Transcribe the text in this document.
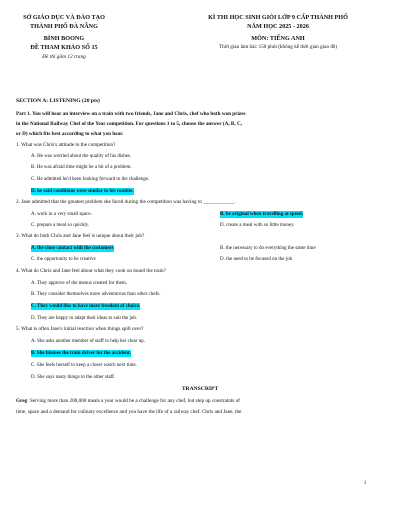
SỞ GIÁO DỤC VÀ ĐÀO TẠO
THÀNH PHỐ ĐÀ NẴNG
BÌNH BOONG
ĐỀ THAM KHẢO SỐ 15
Đề thi gồm 12 trang
KÌ THI HỌC SINH GIỎI LỚP 9 CẤP THÀNH PHỐ
NĂM HỌC 2025 - 2026
MÔN: TIẾNG ANH
Thời gian làm bài: 150 phút (không kể thời gian giao đề)
SECTION A: LISTENING (20 pts)
Part 1. You will hear an interview on a train with two friends, Jane and Chris, chef who both won prizes
in the National Railway Chef of the Year competition. For questions 1 to 5, choose the answer (A, B, C,
or D) which fits best according to what you hear.
1. What was Chris's attitude to the competition?
A. He was worried about the quality of his dishes.
B. He was afraid time might be a bit of a problem.
C. He admitted he'd been looking forward to the challenge.
D. he said conditions were similar to his routine.
2. Jane admitted that the greatest problem she faced during the competition was having to ____________.
A. work in a very small space.	B. be original when travelling at speed.
C. prepare a meal so quickly.	D. create a meal with so little money.
3. What do both Chris and Jane feel is unique about their job?
A. the close contact with the customers	B. the necessary to do everything the same time
C. the opportunity to be creative	D. the need to be focused on the job
4. What do Chris and Jane feel about what they cook on board the train?
A. They approve of the menus created for them.
B. They consider themselves more adventurous than other chefs.
C. They would like to have more freedom of choice.
D. They are happy to adapt their ideas to suit the job.
5. What is often Jane's initial reaction when things spill over?
A. She asks another member of staff to help her clear up.
B. She blames the train driver for the accident.
C. She feels herself to keep a closer watch next time.
D. She says nasty things to the other staff.
TRANSCRIPT
Greg: Serving more than 200,000 meals a year would be a challenge for any chef, but step up constraints of
time, space and a demand for culinary excellence and you have the life of a railway chef. Chris and Jane, the
1
